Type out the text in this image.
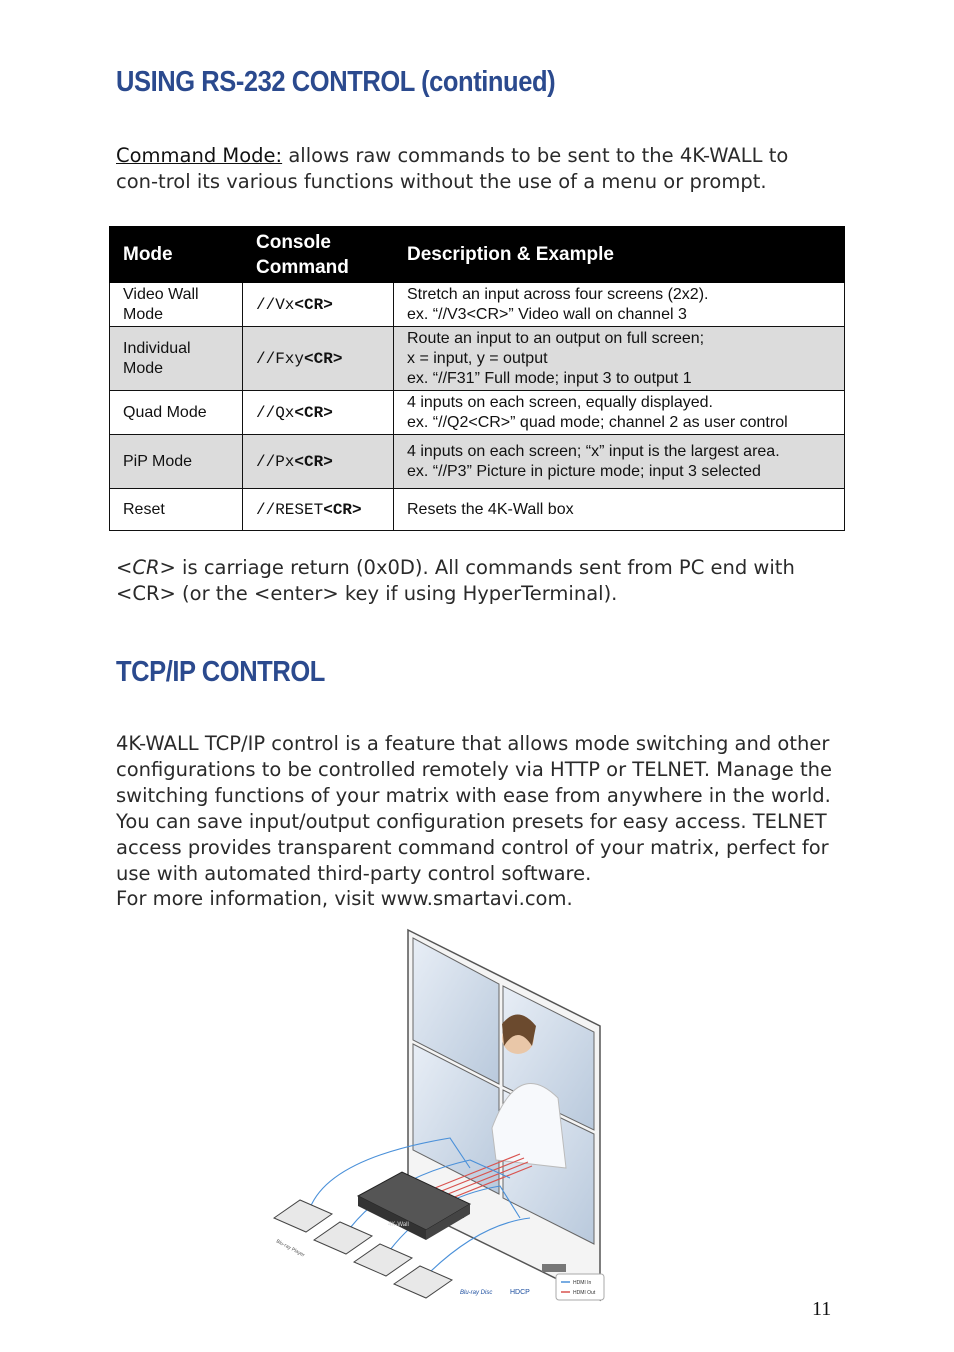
USING RS-232 CONTROL (continued)

Command Mode: allows raw commands to be sent to the 4K-WALL to con-trol its various functions without the use of a menu or prompt.

Mode	Console Command	Description & Example
Video Wall Mode	//Vx<CR>	Stretch an input across four screens (2x2).
ex. “//V3<CR>” Video wall on channel 3

Individual Mode	//Fxy<CR>	Route an input to an output on full screen;
x = input, y = output
ex. “//F31” Full mode; input 3 to output 1

Quad Mode	//Qx<CR>	4 inputs on each screen, equally displayed.
ex. “//Q2<CR>” quad mode; channel 2 as user control

PiP Mode	//Px<CR>	4 inputs on each screen; “x” input is the largest area.
ex. “//P3” Picture in picture mode; input 3 selected

Reset	//RESET<CR>	Resets the 4K-Wall box

<CR> is carriage return (0x0D). All commands sent from PC end with <CR> (or the <enter> key if using HyperTerminal).

TCP/IP CONTROL

4K-WALL TCP/IP control is a feature that allows mode switching and other configurations to be controlled remotely via HTTP or TELNET. Manage the switching functions of your matrix with ease from anywhere in the world. You can save input/output configuration presets for easy access. TELNET access provides transparent command control of your matrix, perfect for use with automated third-party control software.

For more information, visit www.smartavi.com.

4K-Wall
Blu-ray Player
Blu-ray Disc	HDCP
HDMI In
HDMI Out
11
